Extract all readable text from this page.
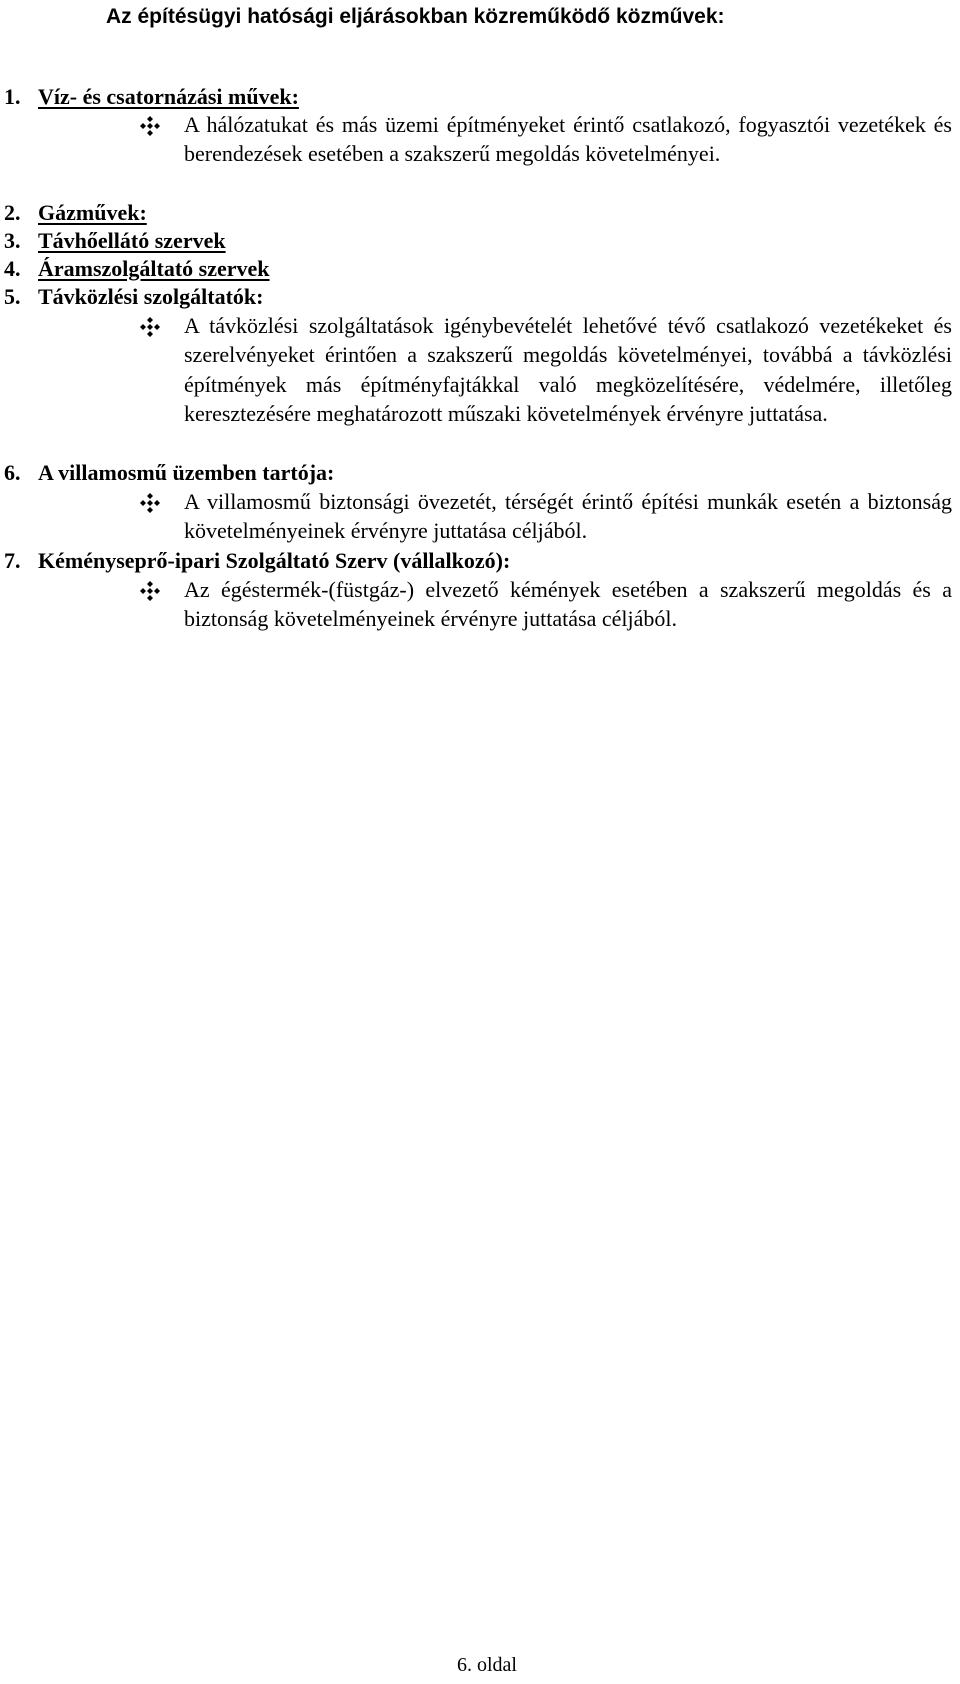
Az építésügyi hatósági eljárásokban közreműködő közművek:
1. Víz- és csatornázási művek:
A hálózatukat és más üzemi építményeket érintő csatlakozó, fogyasztói vezetékek és berendezések esetében a szakszerű megoldás követelményei.
2. Gázművek:
3. Távhőellátó szervek
4. Áramszolgáltató szervek
5. Távközlési szolgáltatók:
A távközlési szolgáltatások igénybevételét lehetővé tévő csatlakozó vezetékeket és szerelvényeket érintően a szakszerű megoldás követelményei, továbbá a távközlési építmények más építményfajtákkal való megközelítésére, védelmére, illetőleg keresztezésére meghatározott műszaki követelmények érvényre juttatása.
6. A villamosmű üzemben tartója:
A villamosmű biztonsági övezetét, térségét érintő építési munkák esetén a biztonság követelményeinek érvényre juttatása céljából.
7. Kéményseprő-ipari Szolgáltató Szerv (vállalkozó):
Az égéstermék-(füstgáz-) elvezető kémények esetében a szakszerű megoldás és a biztonság követelményeinek érvényre juttatása céljából.
6. oldal
